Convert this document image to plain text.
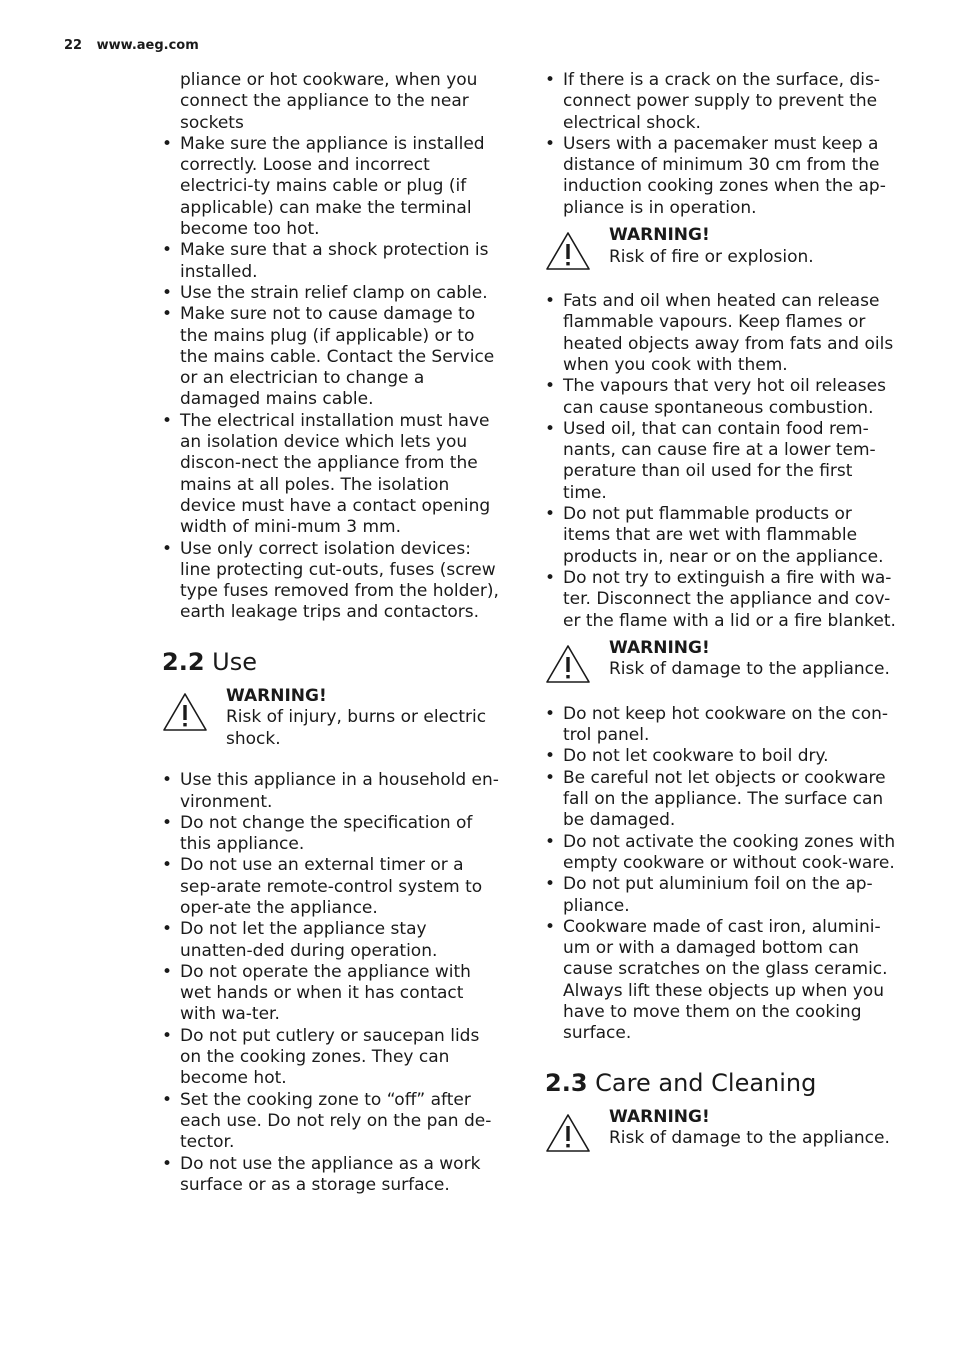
22 www.aeg.com

pliance or hot cookware, when you connect the appliance to the near sockets

• Make sure the appliance is installed correctly. Loose and incorrect electrici-ty mains cable or plug (if applicable) can make the terminal become too hot.
• Make sure that a shock protection is installed.
• Use the strain relief clamp on cable.
• Make sure not to cause damage to the mains plug (if applicable) or to the mains cable. Contact the Service or an electrician to change a damaged mains cable.
• The electrical installation must have an isolation device which lets you discon-nect the appliance from the mains at all poles. The isolation device must have a contact opening width of mini-mum 3 mm.
• Use only correct isolation devices: line protecting cut-outs, fuses (screw type fuses removed from the holder), earth leakage trips and contactors.
2.2 Use
WARNING!
Risk of injury, burns or electric shock.
• Use this appliance in a household en-vironment.
• Do not change the specification of this appliance.
• Do not use an external timer or a sep-arate remote-control system to oper-ate the appliance.
• Do not let the appliance stay unatten-ded during operation.
• Do not operate the appliance with wet hands or when it has contact with wa-ter.
• Do not put cutlery or saucepan lids on the cooking zones. They can become hot.
• Set the cooking zone to “off” after each use. Do not rely on the pan de-tector.
• Do not use the appliance as a work surface or as a storage surface.
• If there is a crack on the surface, dis-connect power supply to prevent the electrical shock.
• Users with a pacemaker must keep a distance of minimum 30 cm from the induction cooking zones when the ap-pliance is in operation.
WARNING!
Risk of fire or explosion.
• Fats and oil when heated can release flammable vapours. Keep flames or heated objects away from fats and oils when you cook with them.
• The vapours that very hot oil releases can cause spontaneous combustion.
• Used oil, that can contain food rem-nants, can cause fire at a lower tem-perature than oil used for the first time.
• Do not put flammable products or items that are wet with flammable products in, near or on the appliance.
• Do not try to extinguish a fire with wa-ter. Disconnect the appliance and cov-er the flame with a lid or a fire blanket.
WARNING!
Risk of damage to the appliance.
• Do not keep hot cookware on the con-trol panel.
• Do not let cookware to boil dry.
• Be careful not let objects or cookware fall on the appliance. The surface can be damaged.
• Do not activate the cooking zones with empty cookware or without cook-ware.
• Do not put aluminium foil on the ap-pliance.
• Cookware made of cast iron, alumini-um or with a damaged bottom can cause scratches on the glass ceramic. Always lift these objects up when you have to move them on the cooking surface.
2.3 Care and Cleaning
WARNING!
Risk of damage to the appliance.
